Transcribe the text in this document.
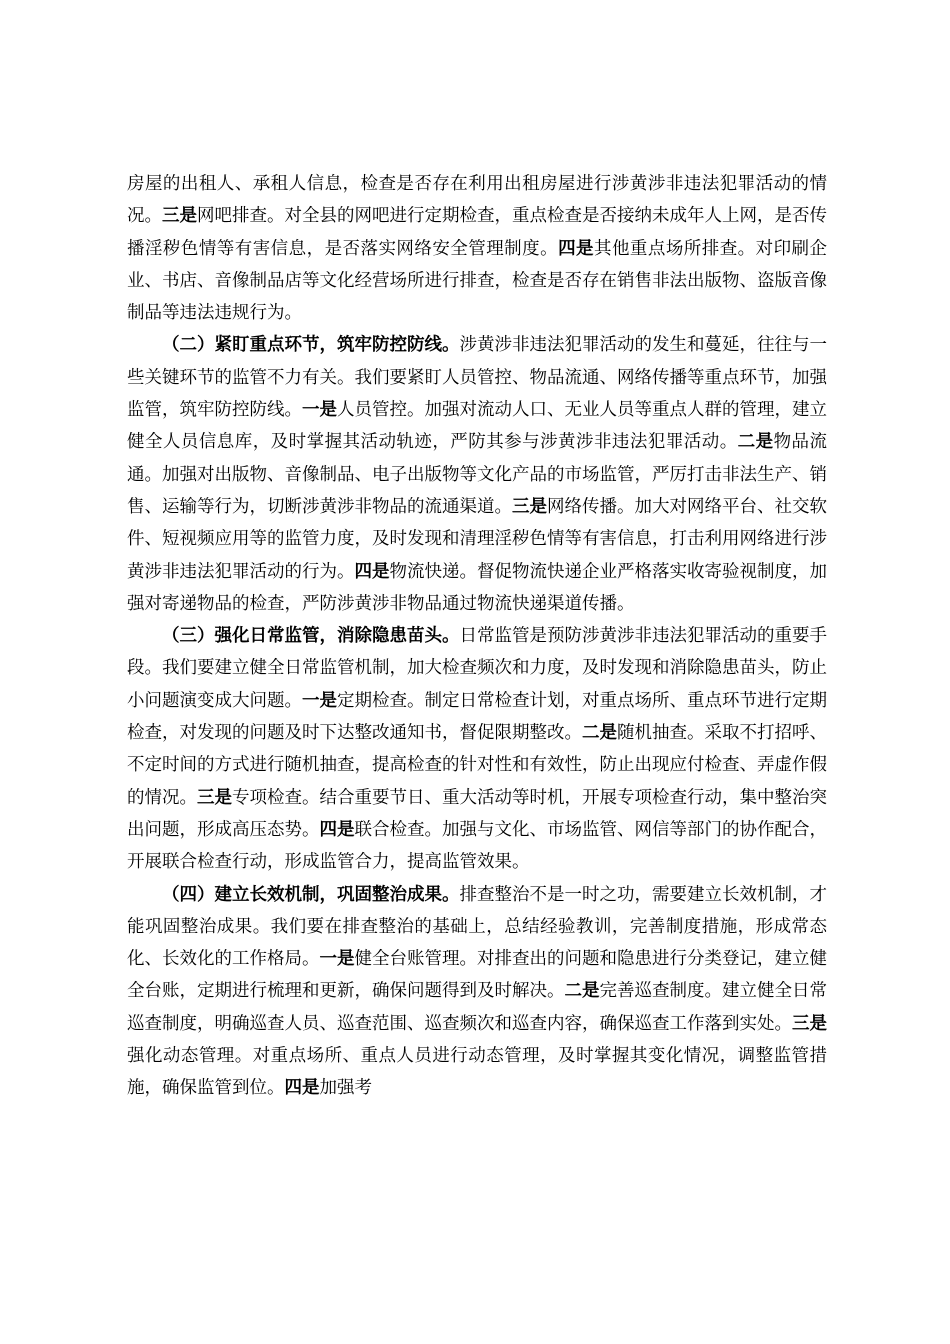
房屋的出租人、承租人信息，检查是否存在利用出租房屋进行涉黄涉非违法犯罪活动的情况。三是网吧排查。对全县的网吧进行定期检查，重点检查是否接纳未成年人上网，是否传播淫秽色情等有害信息，是否落实网络安全管理制度。四是其他重点场所排查。对印刷企业、书店、音像制品店等文化经营场所进行排查，检查是否存在销售非法出版物、盗版音像制品等违法违规行为。

（二）紧盯重点环节，筑牢防控防线。涉黄涉非违法犯罪活动的发生和蔓延，往往与一些关键环节的监管不力有关。我们要紧盯人员管控、物品流通、网络传播等重点环节，加强监管，筑牢防控防线。一是人员管控。加强对流动人口、无业人员等重点人群的管理，建立健全人员信息库，及时掌握其活动轨迹，严防其参与涉黄涉非违法犯罪活动。二是物品流通。加强对出版物、音像制品、电子出版物等文化产品的市场监管，严厉打击非法生产、销售、运输等行为，切断涉黄涉非物品的流通渠道。三是网络传播。加大对网络平台、社交软件、短视频应用等的监管力度，及时发现和清理淫秽色情等有害信息，打击利用网络进行涉黄涉非违法犯罪活动的行为。四是物流快递。督促物流快递企业严格落实收寄验视制度，加强对寄递物品的检查，严防涉黄涉非物品通过物流快递渠道传播。

（三）强化日常监管，消除隐患苗头。日常监管是预防涉黄涉非违法犯罪活动的重要手段。我们要建立健全日常监管机制，加大检查频次和力度，及时发现和消除隐患苗头，防止小问题演变成大问题。一是定期检查。制定日常检查计划，对重点场所、重点环节进行定期检查，对发现的问题及时下达整改通知书，督促限期整改。二是随机抽查。采取不打招呼、不定时间的方式进行随机抽查，提高检查的针对性和有效性，防止出现应付检查、弄虚作假的情况。三是专项检查。结合重要节日、重大活动等时机，开展专项检查行动，集中整治突出问题，形成高压态势。四是联合检查。加强与文化、市场监管、网信等部门的协作配合，开展联合检查行动，形成监管合力，提高监管效果。

（四）建立长效机制，巩固整治成果。排查整治不是一时之功，需要建立长效机制，才能巩固整治成果。我们要在排查整治的基础上，总结经验教训，完善制度措施，形成常态化、长效化的工作格局。一是健全台账管理。对排查出的问题和隐患进行分类登记，建立健全台账，定期进行梳理和更新，确保问题得到及时解决。二是完善巡查制度。建立健全日常巡查制度，明确巡查人员、巡查范围、巡查频次和巡查内容，确保巡查工作落到实处。三是强化动态管理。对重点场所、重点人员进行动态管理，及时掌握其变化情况，调整监管措施，确保监管到位。四是加强考
